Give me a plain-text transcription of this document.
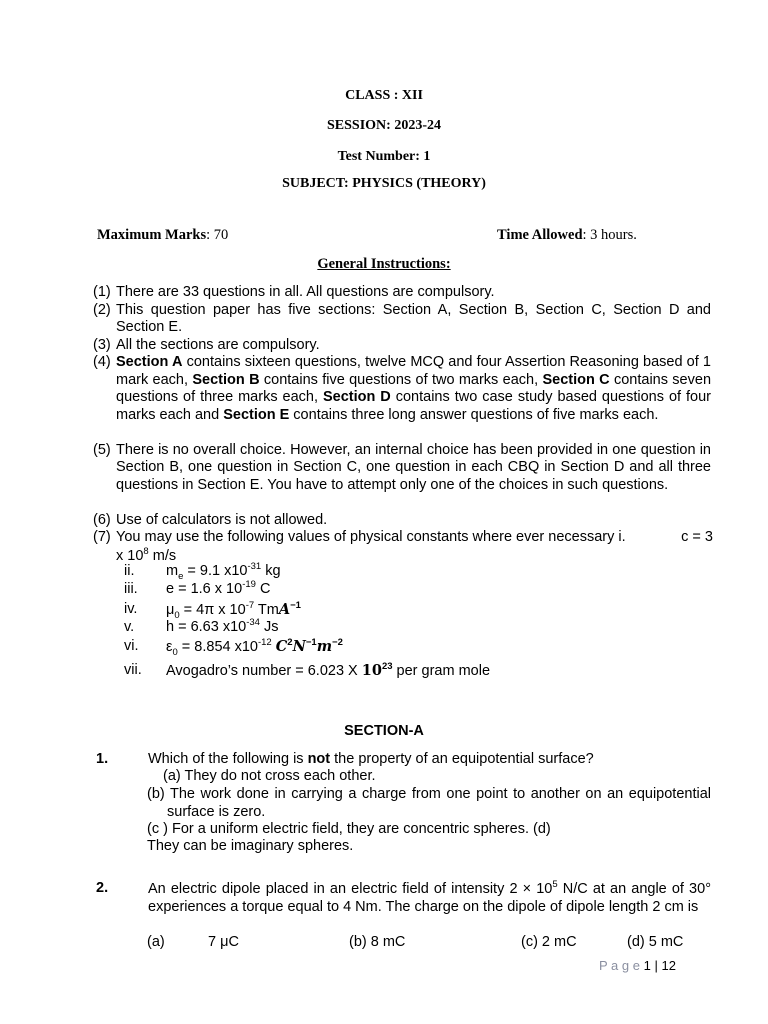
CLASS : XII
SESSION: 2023-24
Test Number: 1
SUBJECT: PHYSICS (THEORY)
Maximum Marks: 70	Time Allowed: 3 hours.
General Instructions:
(1) There are 33 questions in all. All questions are compulsory.
(2) This question paper has five sections: Section A, Section B, Section C, Section D and Section E.
(3) All the sections are compulsory.
(4) Section A contains sixteen questions, twelve MCQ and four Assertion Reasoning based of 1 mark each, Section B contains five questions of two marks each, Section C contains seven questions of three marks each, Section D contains two case study based questions of four marks each and Section E contains three long answer questions of five marks each.
(5) There is no overall choice. However, an internal choice has been provided in one question in Section B, one question in Section C, one question in each CBQ in Section D and all three questions in Section E. You have to attempt only one of the choices in such questions.
(6) Use of calculators is not allowed.
(7) You may use the following values of physical constants where ever necessary i.	c = 3
x $10^8$ m/s
ii. $m_e = 9.1$ $x10^{-31}$ kg
iii. e = 1.6 x $10^{-19}$ C
iv. $\mu_0 = 4\pi$ x $10^{-7}$ TmA$^{-1}$
v. h = 6.63 $x10^{-34}$ Js
vi. $\varepsilon_0 = 8.854$ $x10^{-12}$ $C^2N^{-1}m^{-2}$
vii. Avogadro’s number = 6.023 X $10^{23}$ per gram mole
SECTION-A
1.	Which of the following is not the property of an equipotential surface?
(a) They do not cross each other.
(b) The work done in carrying a charge from one point to another on an equipotential surface is zero.
(c ) For a uniform electric field, they are concentric spheres. (d)
They can be imaginary spheres.
2.	An electric dipole placed in an electric field of intensity $2 \times 10^5$ N/C at an angle of 30° experiences a torque equal to 4 Nm. The charge on the dipole of dipole length 2 cm is
(a)	7 μC	(b) 8 mC	(c) 2 mC	(d) 5 mC
P a g e 1 | 12
